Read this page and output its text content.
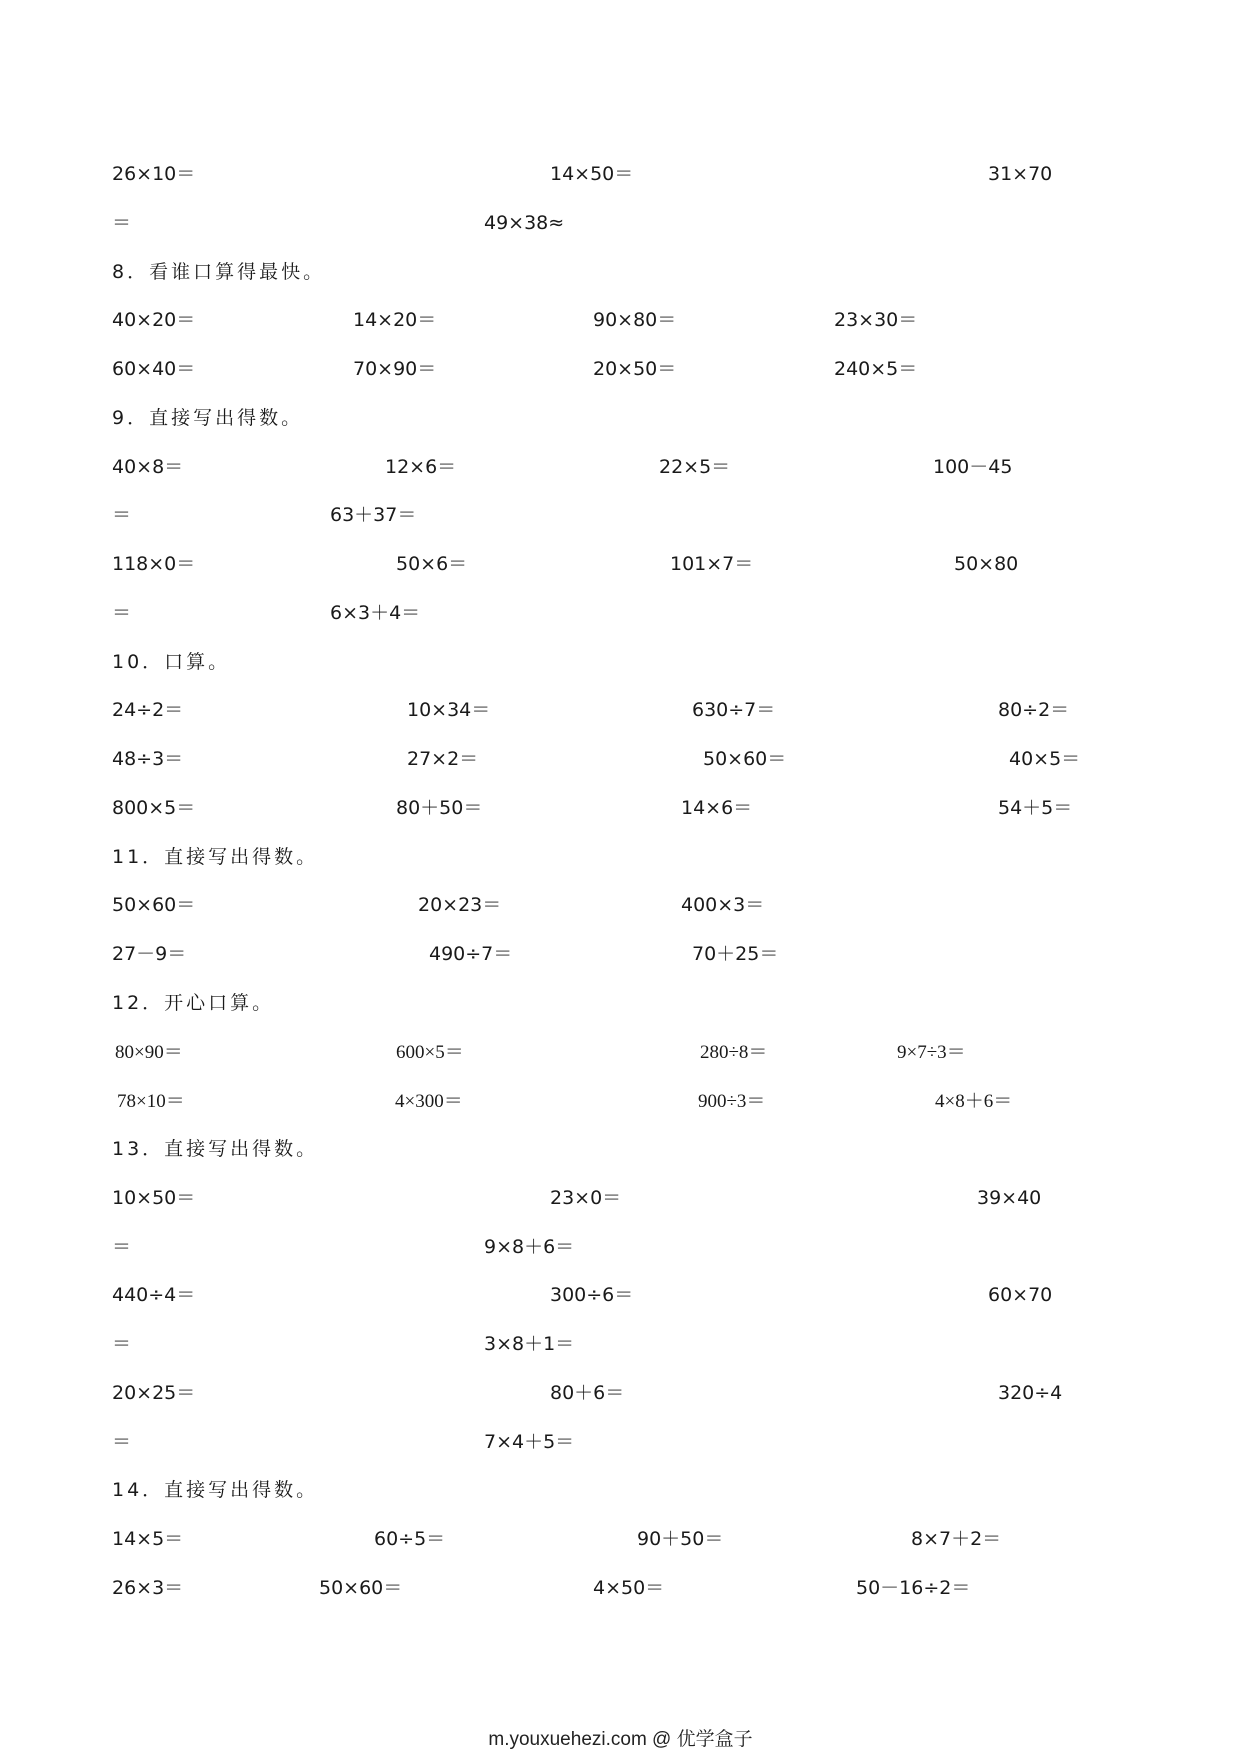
26×10＝	14×50＝	31×70
＝	49×38≈
8．看谁口算得最快。
40×20＝	14×20＝	90×80＝	23×30＝
60×40＝	70×90＝	20×50＝	240×5＝
9．直接写出得数。
40×8＝	12×6＝	22×5＝	100－45
＝	63＋37＝
118×0＝	50×6＝	101×7＝	50×80
＝	6×3＋4＝
10．口算。
24÷2＝	10×34＝	630÷7＝	80÷2＝
48÷3＝	27×2＝	50×60＝	40×5＝
800×5＝	80＋50＝	14×6＝	54＋5＝
11．直接写出得数。
50×60＝	20×23＝	400×3＝
27－9＝	490÷7＝	70＋25＝
12．开心口算。
80×90＝	600×5＝	280÷8＝	9×7÷3＝
78×10＝	4×300＝	900÷3＝	4×8＋6＝
13．直接写出得数。
10×50＝	23×0＝	39×40
＝	9×8＋6＝
440÷4＝	300÷6＝	60×70
＝	3×8＋1＝
20×25＝	80＋6＝	320÷4
＝	7×4＋5＝
14．直接写出得数。
14×5＝	60÷5＝	90＋50＝	8×7＋2＝
26×3＝	50×60＝	4×50＝	50－16÷2＝
m.youxuehezi.com @ 优学盒子
